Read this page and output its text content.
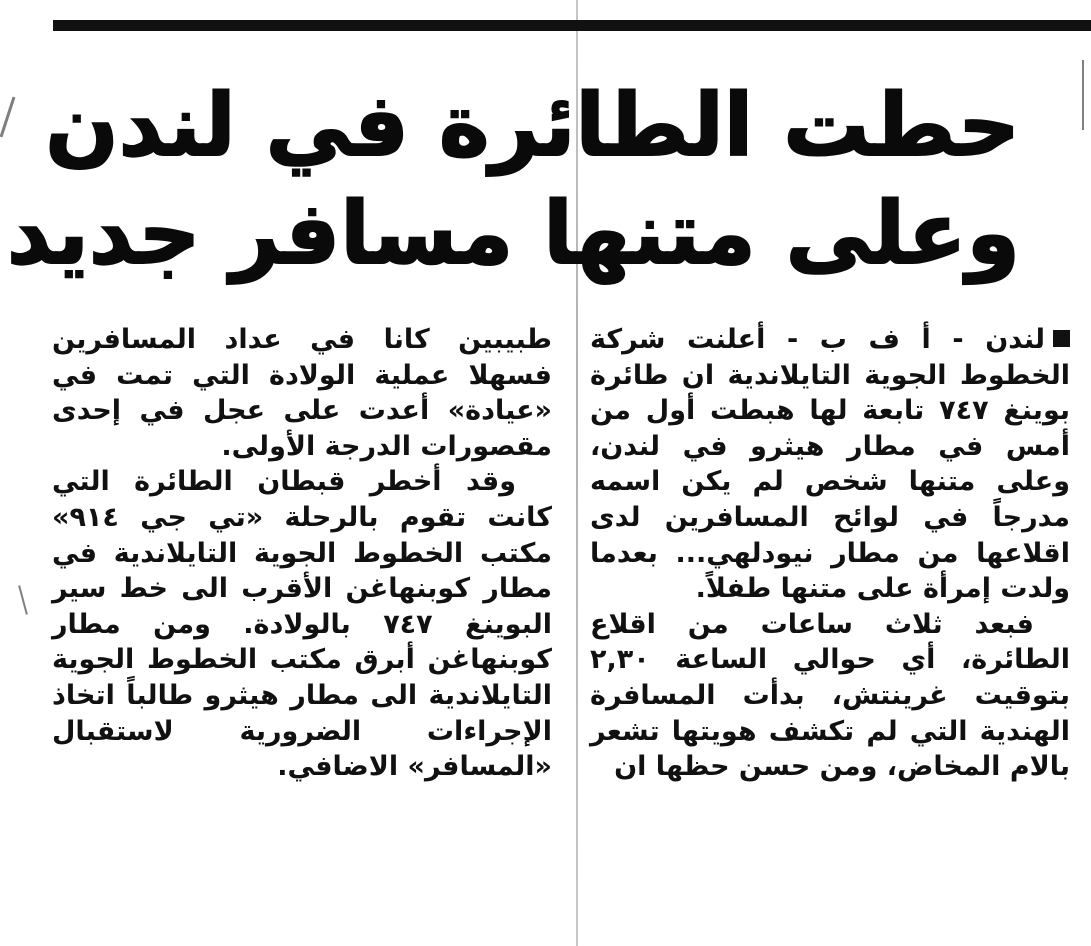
حطت الطائرة في لندن
وعلى متنها مسافر جديد

لندن - أ ف ب - أعلنت شركة الخطوط الجوية التايلاندية ان طائرة بوينغ ٧٤٧ تابعة لها هبطت أول من أمس في مطار هيثرو في لندن، وعلى متنها شخص لم يكن اسمه مدرجاً في لوائح المسافرين لدى اقلاعها من مطار نيودلهي... بعدما ولدت إمرأة على متنها طفلاً.

فبعد ثلاث ساعات من اقلاع الطائرة، أي حوالي الساعة ٢,٣٠ بتوقيت غرينتش، بدأت المسافرة الهندية التي لم تكشف هويتها تشعر بالام المخاض، ومن حسن حظها ان

طبيبين كانا في عداد المسافرين فسهلا عملية الولادة التي تمت في «عيادة» أعدت على عجل في إحدى مقصورات الدرجة الأولى.

وقد أخطر قبطان الطائرة التي كانت تقوم بالرحلة «تي جي ٩١٤» مكتب الخطوط الجوية التايلاندية في مطار كوبنهاغن الأقرب الى خط سير البوينغ ٧٤٧ بالولادة. ومن مطار كوبنهاغن أبرق مكتب الخطوط الجوية التايلاندية الى مطار هيثرو طالباً اتخاذ الإجراءات الضرورية لاستقبال «المسافر» الاضافي.
